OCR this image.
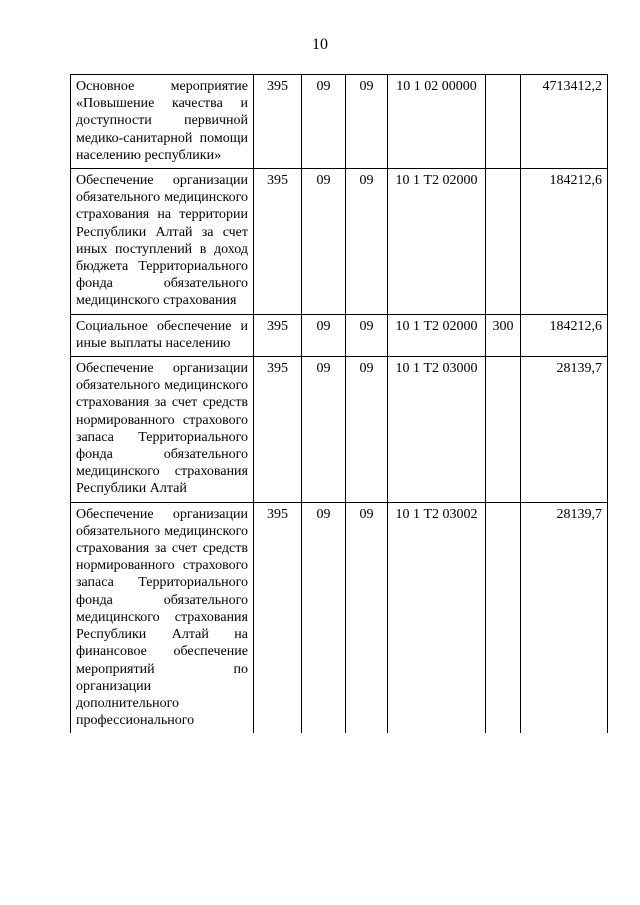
10
Основное мероприятие «Повышение качества и доступности первичной медико-санитарной помощи населению республики»	395	09	09	10 1 02 00000		4713412,2
Обеспечение организации обязательного медицинского страхования на территории Республики Алтай за счет иных поступлений в доход бюджета Территориального фонда обязательного медицинского страхования	395	09	09	10 1 Т2 02000		184212,6
Социальное обеспечение и иные выплаты населению	395	09	09	10 1 Т2 02000	300	184212,6
Обеспечение организации обязательного медицинского страхования за счет средств нормированного страхового запаса Территориального фонда обязательного медицинского страхования Республики Алтай	395	09	09	10 1 Т2 03000		28139,7
Обеспечение организации обязательного медицинского страхования за счет средств нормированного страхового запаса Территориального фонда обязательного медицинского страхования Республики Алтай на финансовое обеспечение мероприятий по организации дополнительного профессионального	395	09	09	10 1 Т2 03002		28139,7
